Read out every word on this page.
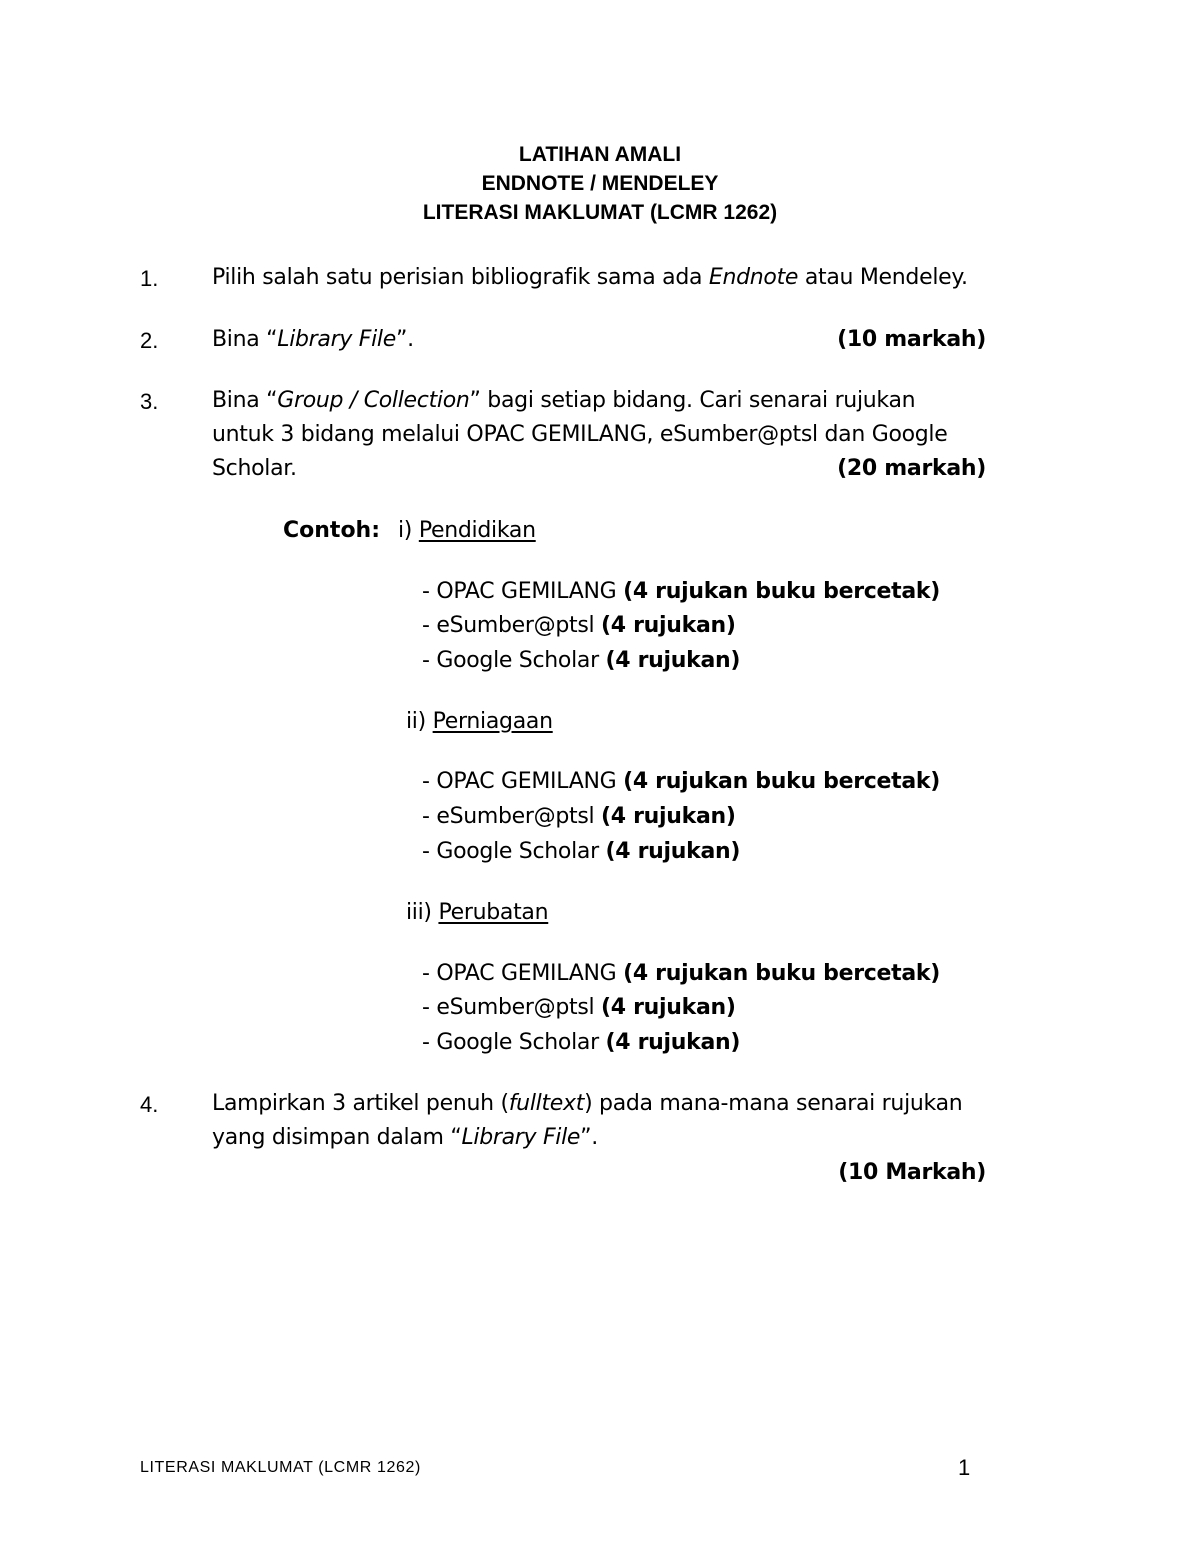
LATIHAN AMALI
ENDNOTE / MENDELEY
LITERASI MAKLUMAT (LCMR 1262)
1. Pilih salah satu perisian bibliografik sama ada Endnote atau Mendeley.
2. Bina “Library File”.	(10 markah)
3. Bina “Group / Collection” bagi setiap bidang. Cari senarai rujukan
untuk 3 bidang melalui OPAC GEMILANG, eSumber@ptsl dan Google
Scholar.	(20 markah)
Contoh: i) Pendidikan
- OPAC GEMILANG (4 rujukan buku bercetak)
- eSumber@ptsl (4 rujukan)
- Google Scholar (4 rujukan)
ii) Perniagaan
- OPAC GEMILANG (4 rujukan buku bercetak)
- eSumber@ptsl (4 rujukan)
- Google Scholar (4 rujukan)
iii) Perubatan
- OPAC GEMILANG (4 rujukan buku bercetak)
- eSumber@ptsl (4 rujukan)
- Google Scholar (4 rujukan)
4. Lampirkan 3 artikel penuh (fulltext) pada mana-mana senarai rujukan
yang disimpan dalam “Library File”.
(10 Markah)
LITERASI MAKLUMAT (LCMR 1262)	1
